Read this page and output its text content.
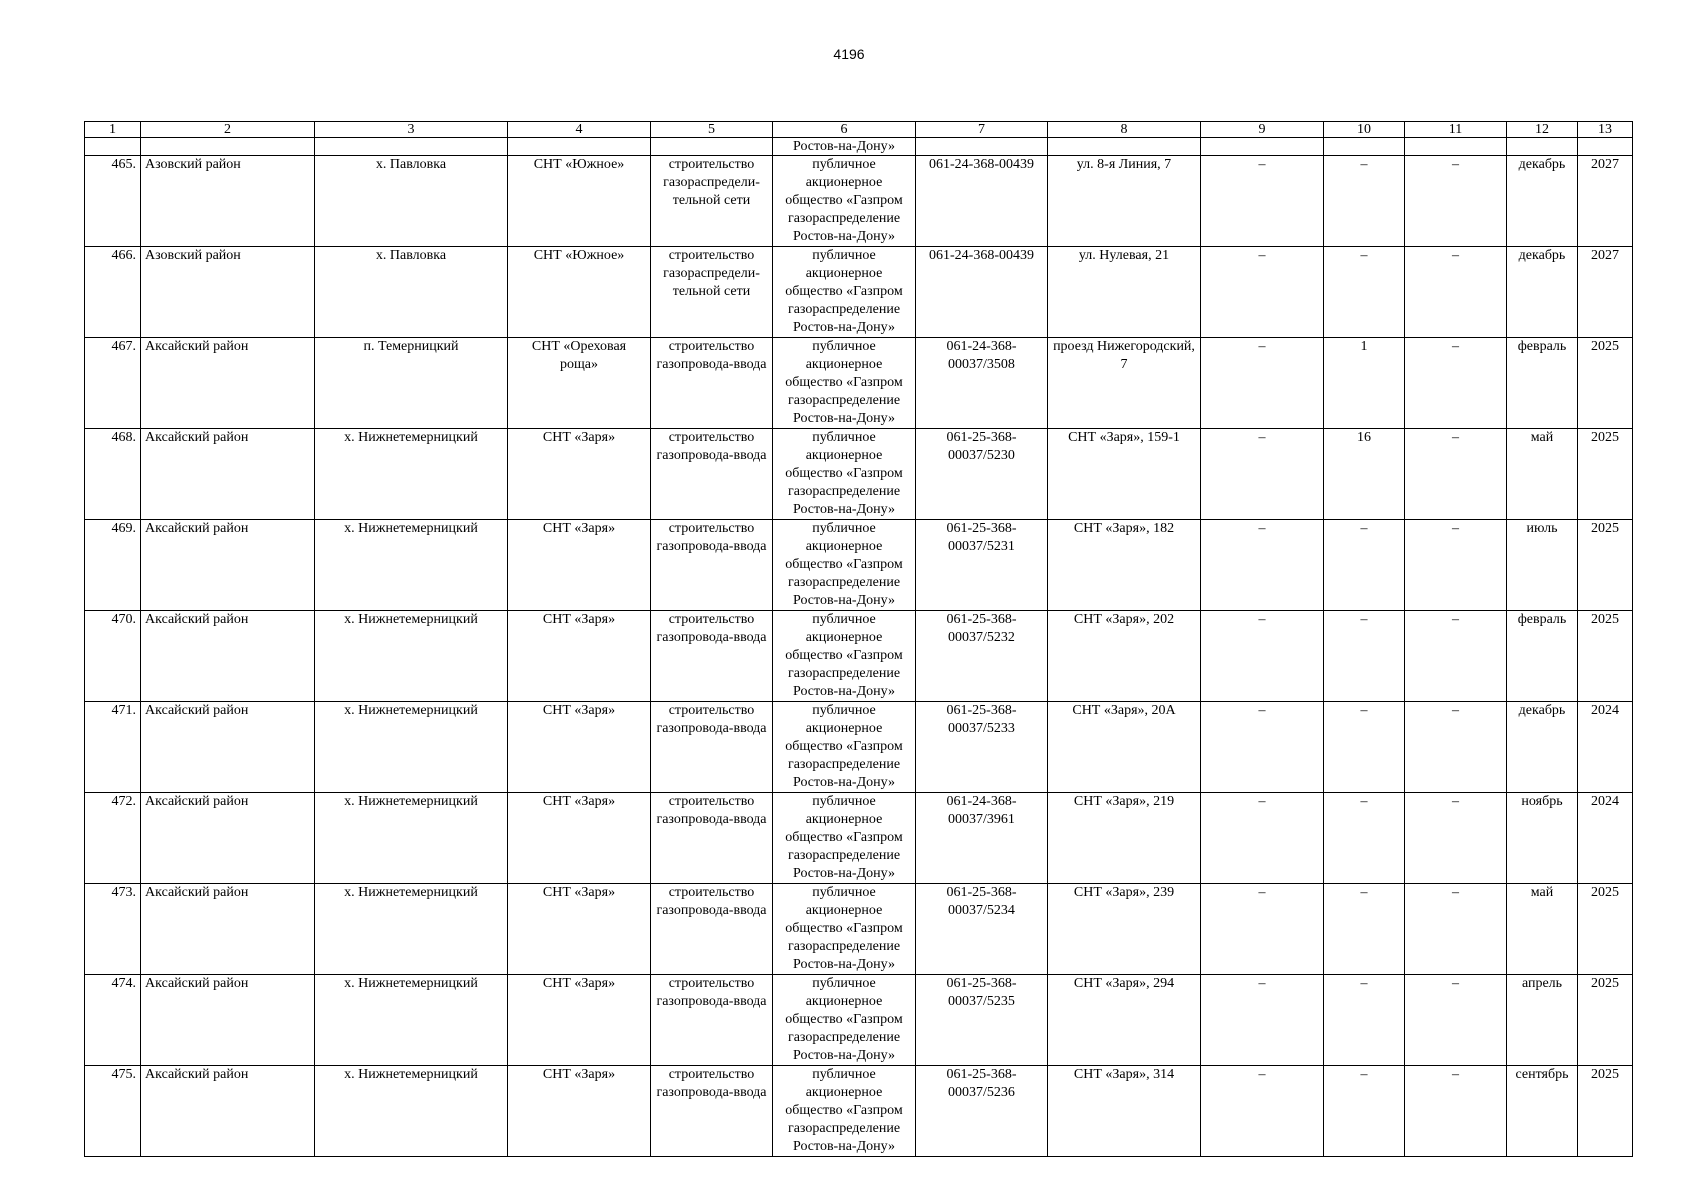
4196
1	2	3	4	5	6	7	8	9	10	11	12	13
					Ростов-на-Дону»							
465.	Азовский район	х. Павловка	СНТ «Южное»	строительство газораспредели-тельной сети	публичное акционерное общество «Газпром газораспределение Ростов-на-Дону»	061-24-368-00439	ул. 8-я Линия, 7	–	–	–	декабрь	2027
466.	Азовский район	х. Павловка	СНТ «Южное»	строительство газораспредели-тельной сети	публичное акционерное общество «Газпром газораспределение Ростов-на-Дону»	061-24-368-00439	ул. Нулевая, 21	–	–	–	декабрь	2027
467.	Аксайский район	п. Темерницкий	СНТ «Ореховая роща»	строительство газопровода-ввода	публичное акционерное общество «Газпром газораспределение Ростов-на-Дону»	061-24-368-00037/3508	проезд Нижегородский, 7	–	1	–	февраль	2025
468.	Аксайский район	х. Нижнетемерницкий	СНТ «Заря»	строительство газопровода-ввода	публичное акционерное общество «Газпром газораспределение Ростов-на-Дону»	061-25-368-00037/5230	СНТ «Заря», 159-1	–	16	–	май	2025
469.	Аксайский район	х. Нижнетемерницкий	СНТ «Заря»	строительство газопровода-ввода	публичное акционерное общество «Газпром газораспределение Ростов-на-Дону»	061-25-368-00037/5231	СНТ «Заря», 182	–	–	–	июль	2025
470.	Аксайский район	х. Нижнетемерницкий	СНТ «Заря»	строительство газопровода-ввода	публичное акционерное общество «Газпром газораспределение Ростов-на-Дону»	061-25-368-00037/5232	СНТ «Заря», 202	–	–	–	февраль	2025
471.	Аксайский район	х. Нижнетемерницкий	СНТ «Заря»	строительство газопровода-ввода	публичное акционерное общество «Газпром газораспределение Ростов-на-Дону»	061-25-368-00037/5233	СНТ «Заря», 20А	–	–	–	декабрь	2024
472.	Аксайский район	х. Нижнетемерницкий	СНТ «Заря»	строительство газопровода-ввода	публичное акционерное общество «Газпром газораспределение Ростов-на-Дону»	061-24-368-00037/3961	СНТ «Заря», 219	–	–	–	ноябрь	2024
473.	Аксайский район	х. Нижнетемерницкий	СНТ «Заря»	строительство газопровода-ввода	публичное акционерное общество «Газпром газораспределение Ростов-на-Дону»	061-25-368-00037/5234	СНТ «Заря», 239	–	–	–	май	2025
474.	Аксайский район	х. Нижнетемерницкий	СНТ «Заря»	строительство газопровода-ввода	публичное акционерное общество «Газпром газораспределение Ростов-на-Дону»	061-25-368-00037/5235	СНТ «Заря», 294	–	–	–	апрель	2025
475.	Аксайский район	х. Нижнетемерницкий	СНТ «Заря»	строительство газопровода-ввода	публичное акционерное общество «Газпром газораспределение Ростов-на-Дону»	061-25-368-00037/5236	СНТ «Заря», 314	–	–	–	сентябрь	2025
